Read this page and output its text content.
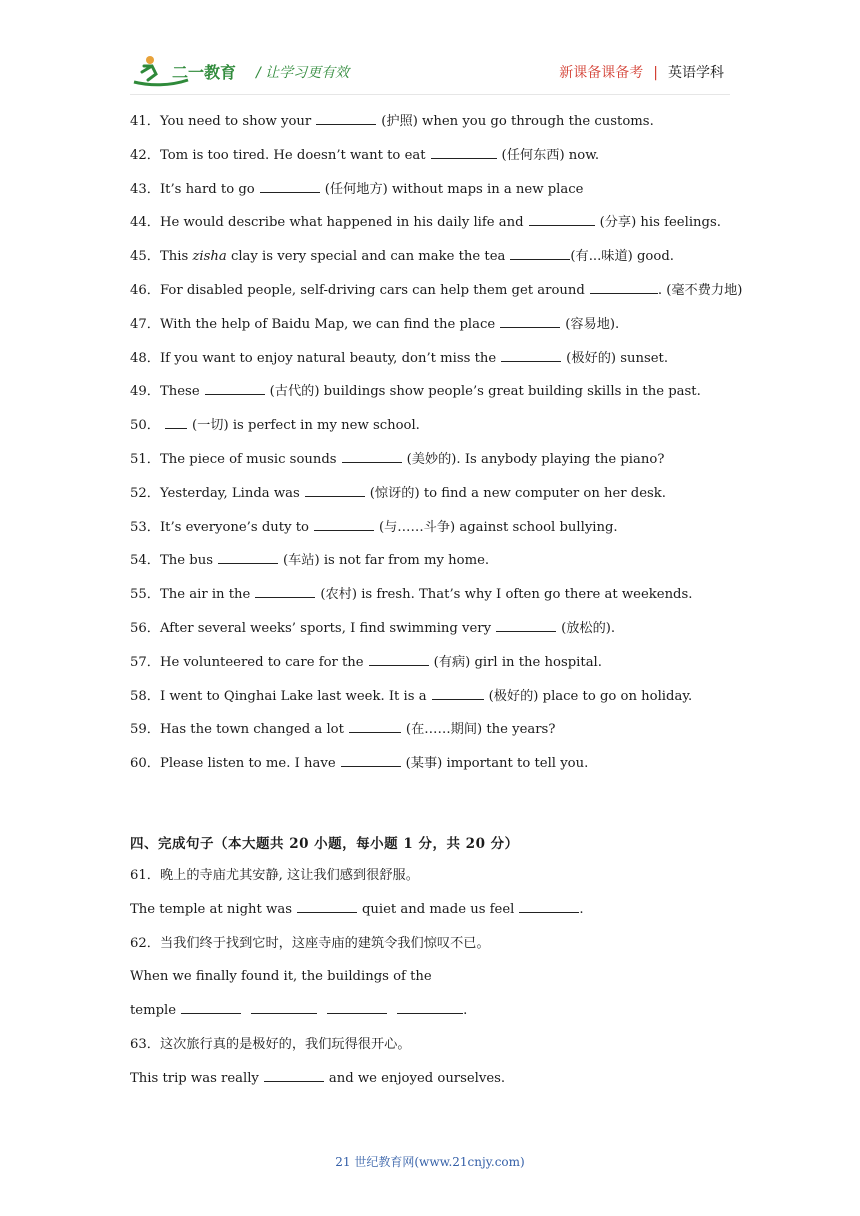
二一教育 / 让学习更有效	新课备课备考 | 英语学科
41．You need to show your	(护照) when you go through the customs.
42．Tom is too tired. He doesn’t want to eat	(任何东西) now.
43．It’s hard to go	(任何地方) without maps in a new place
44．He would describe what happened in his daily life and	(分享) his feelings.
45．This zisha clay is very special and can make the tea	(有...味道) good.
46．For disabled people, self-driving cars can help them get around	. (毫不费力地)
47．With the help of Baidu Map, we can find the place	(容易地).
48．If you want to enjoy natural beauty, don’t miss the	(极好的) sunset.
49．These	(古代的) buildings show people’s great building skills in the past.
50． (一切) is perfect in my new school.
51．The piece of music sounds	(美妙的). Is anybody playing the piano?
52．Yesterday, Linda was	(惊讶的) to find a new computer on her desk.
53．It’s everyone’s duty to	(与……斗争) against school bullying.
54．The bus	(车站) is not far from my home.
55．The air in the	(农村) is fresh. That’s why I often go there at weekends.
56．After several weeks’ sports, I find swimming very	(放松的).
57．He volunteered to care for the	(有病) girl in the hospital.
58．I went to Qinghai Lake last week. It is a	(极好的) place to go on holiday.
59．Has the town changed a lot	(在……期间) the years?
60．Please listen to me. I have	(某事) important to tell you.
四、完成句子（本大题共 20 小题，每小题 1 分，共 20 分）
61．晚上的寺庙尤其安静, 这让我们感到很舒服。
The temple at night was	quiet and made us feel	.
62．当我们终于找到它时，这座寺庙的建筑令我们惊叹不已。
When we finally found it, the buildings of the
temple	.
63．这次旅行真的是极好的，我们玩得很开心。
This trip was really	and we enjoyed ourselves.
21 世纪教育网(www.21cnjy.com)
